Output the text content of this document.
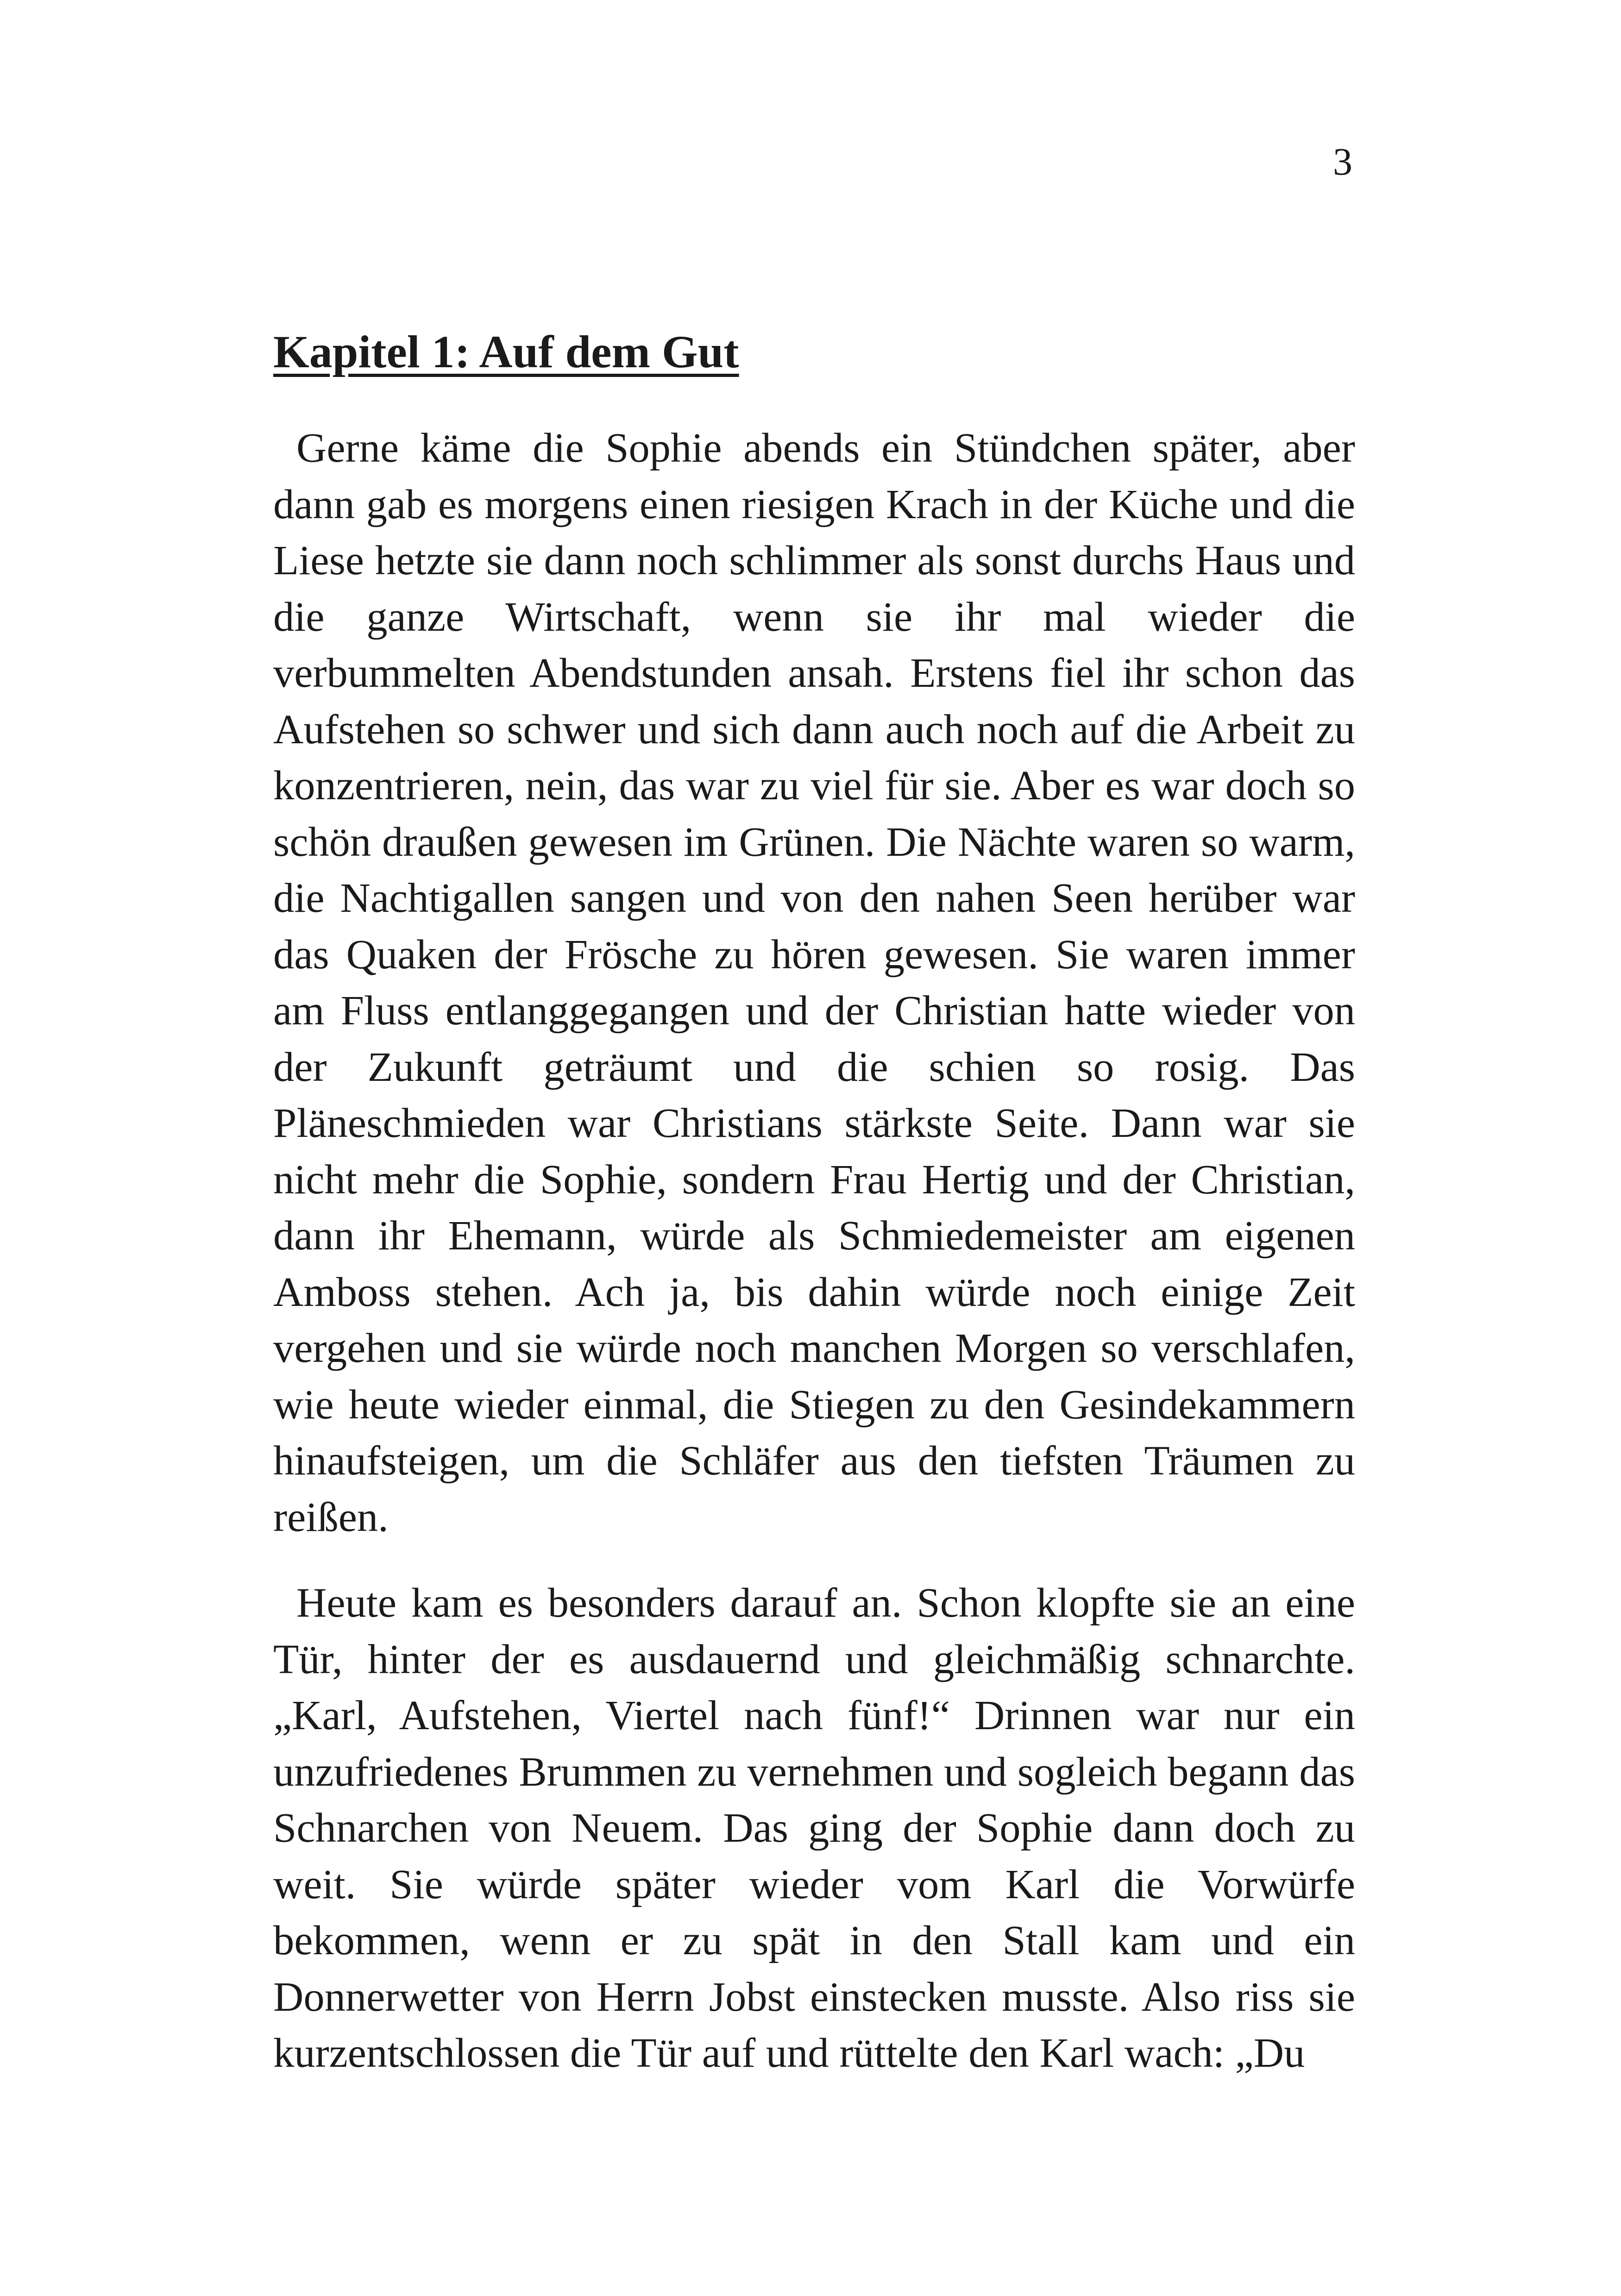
3
Kapitel 1: Auf dem Gut

Gerne käme die Sophie abends ein Stündchen später, aber dann gab es morgens einen riesigen Krach in der Küche und die Liese hetzte sie dann noch schlimmer als sonst durchs Haus und die ganze Wirtschaft, wenn sie ihr mal wieder die verbummelten Abendstunden ansah. Erstens fiel ihr schon das Aufstehen so schwer und sich dann auch noch auf die Arbeit zu konzentrieren, nein, das war zu viel für sie. Aber es war doch so schön draußen gewesen im Grünen. Die Nächte waren so warm, die Nachtigallen sangen und von den nahen Seen herüber war das Quaken der Frösche zu hören gewesen. Sie waren immer am Fluss entlanggegangen und der Christian hatte wieder von der Zukunft geträumt und die schien so rosig. Das Pläneschmieden war Christians stärkste Seite. Dann war sie nicht mehr die Sophie, sondern Frau Hertig und der Christian, dann ihr Ehemann, würde als Schmiedemeister am eigenen Amboss stehen. Ach ja, bis dahin würde noch einige Zeit vergehen und sie würde noch manchen Morgen so verschlafen, wie heute wieder einmal, die Stiegen zu den Gesindekammern hinaufsteigen, um die Schläfer aus den tiefsten Träumen zu reißen.

Heute kam es besonders darauf an. Schon klopfte sie an eine Tür, hinter der es ausdauernd und gleichmäßig schnarchte. „Karl, Aufstehen, Viertel nach fünf!“ Drinnen war nur ein unzufriedenes Brummen zu vernehmen und sogleich begann das Schnarchen von Neuem. Das ging der Sophie dann doch zu weit. Sie würde später wieder vom Karl die Vorwürfe bekommen, wenn er zu spät in den Stall kam und ein Donnerwetter von Herrn Jobst einstecken musste. Also riss sie kurzentschlossen die Tür auf und rüttelte den Karl wach: „Du
